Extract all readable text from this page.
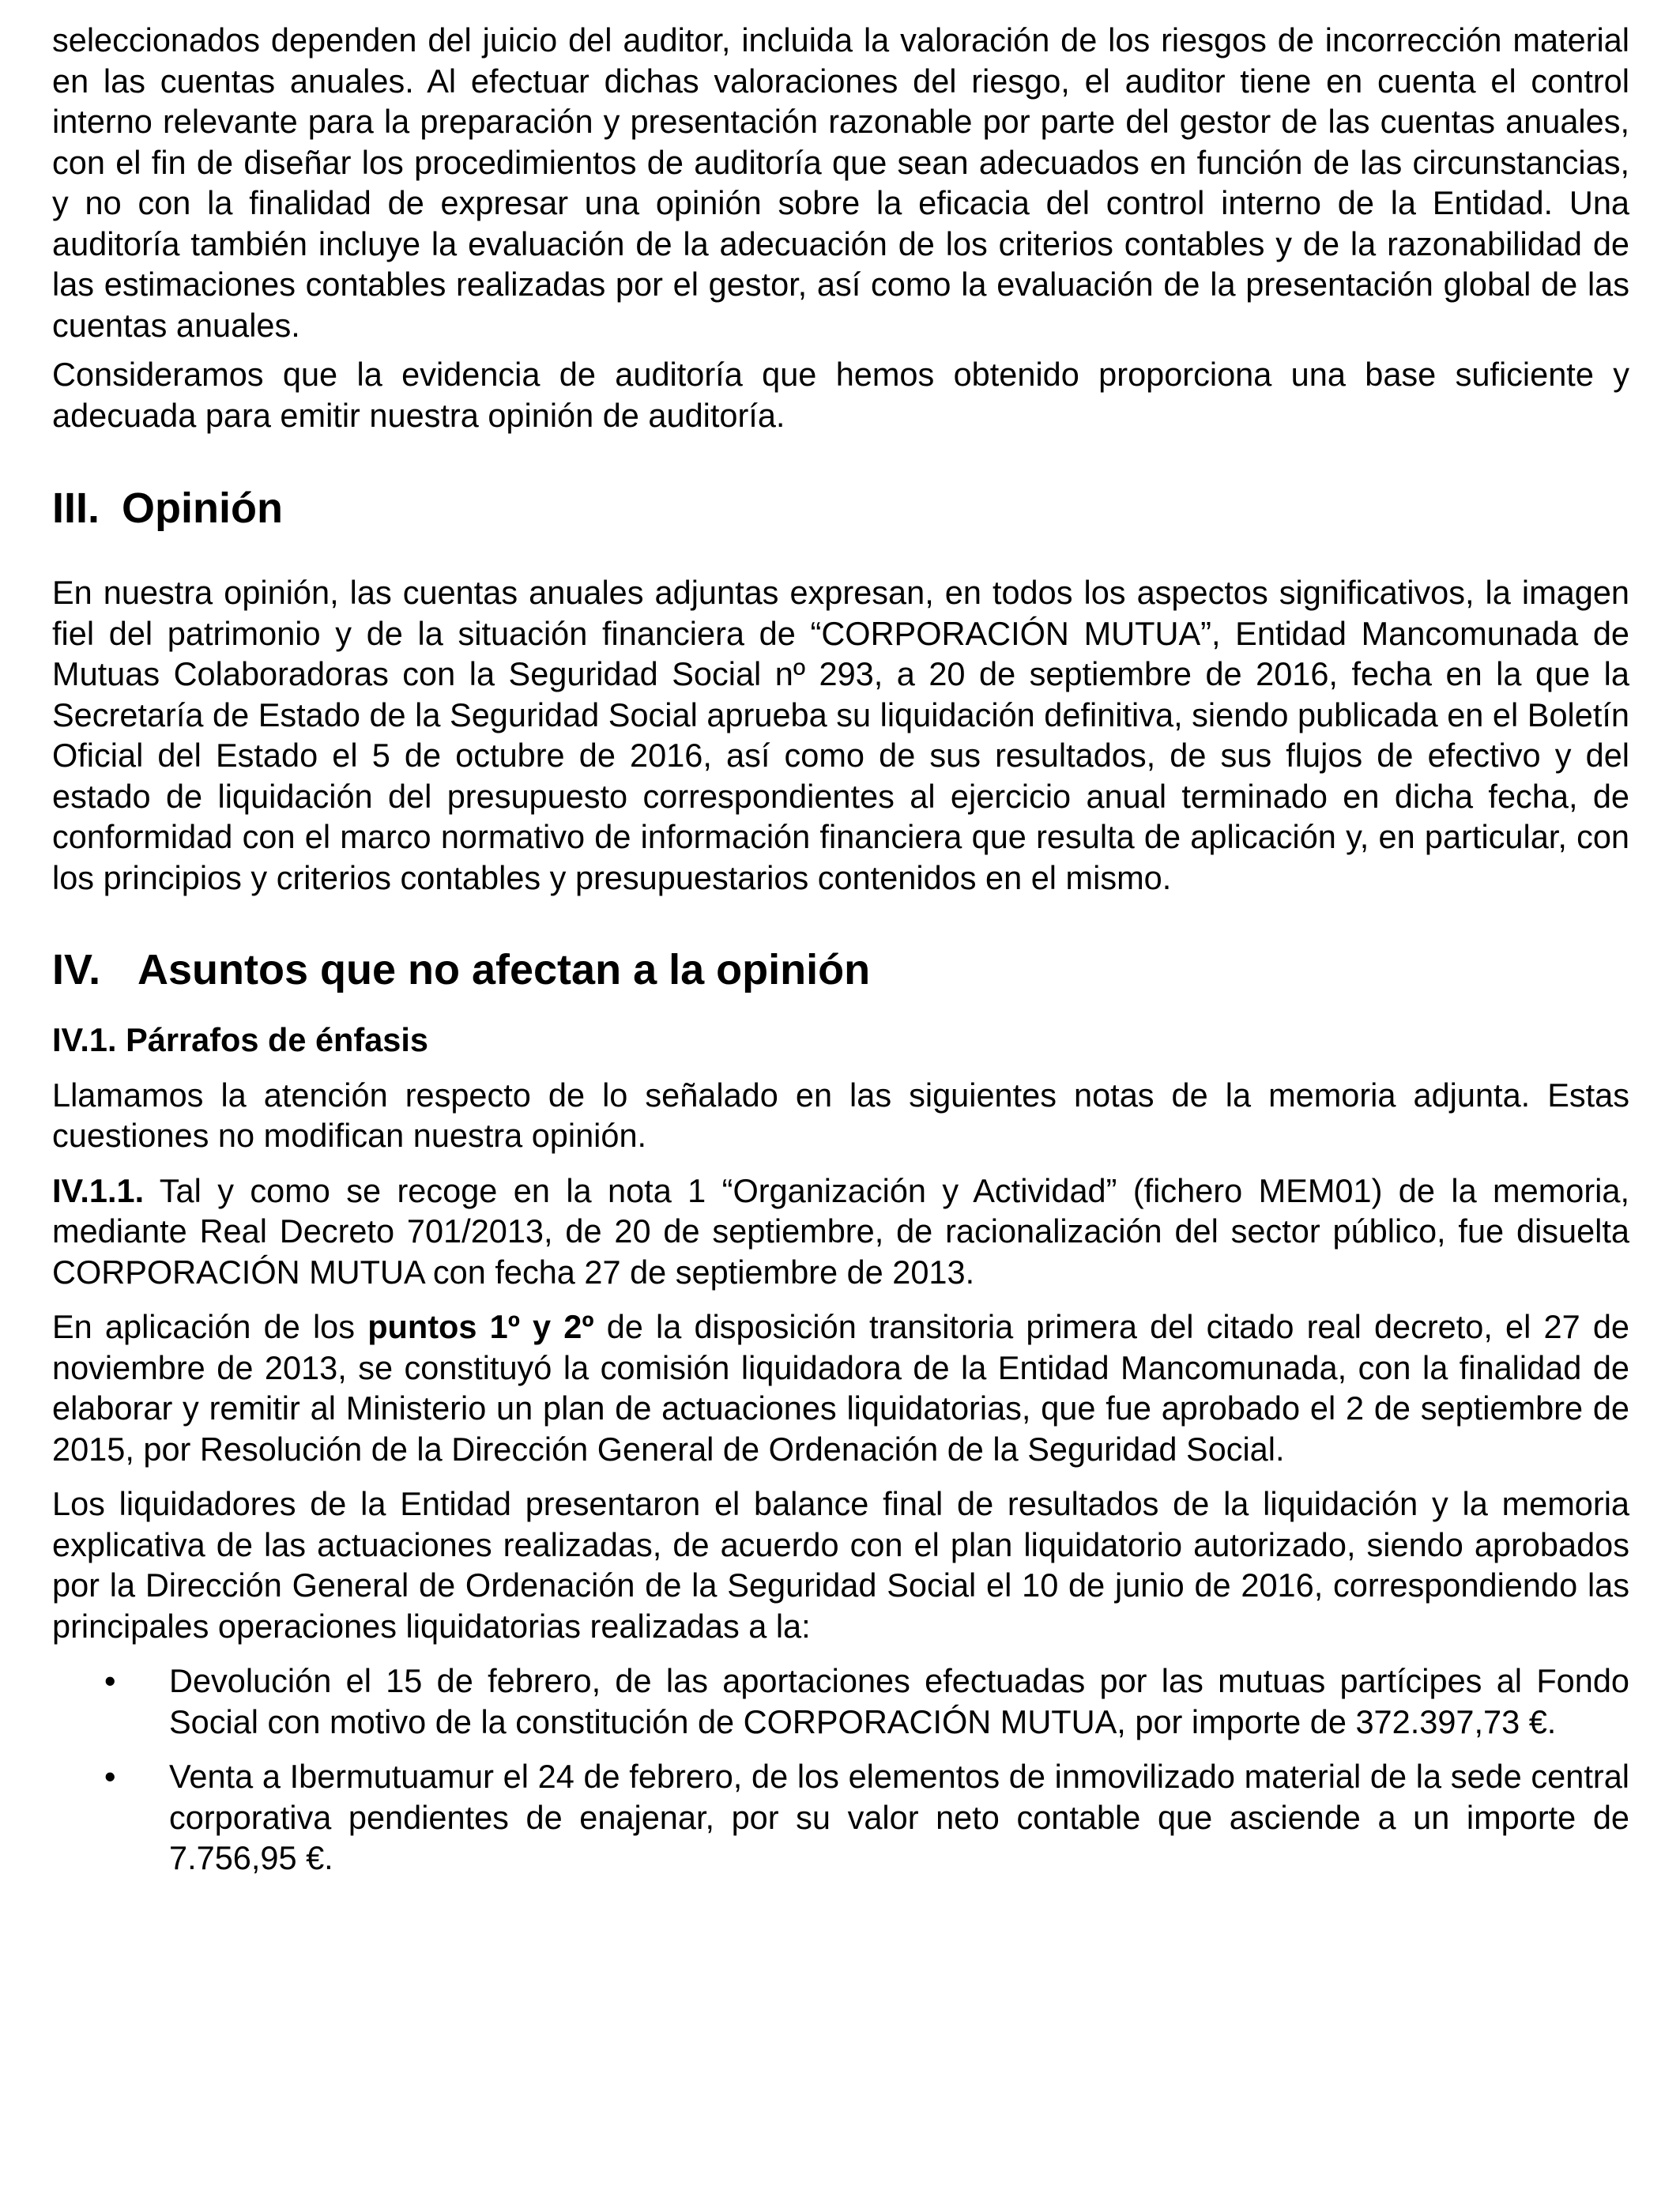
seleccionados dependen del juicio del auditor, incluida la valoración de los riesgos de incorrección material en las cuentas anuales. Al efectuar dichas valoraciones del riesgo, el auditor tiene en cuenta el control interno relevante para la preparación y presentación razonable por parte del gestor de las cuentas anuales, con el fin de diseñar los procedimientos de auditoría que sean adecuados en función de las circunstancias, y no con la finalidad de expresar una opinión sobre la eficacia del control interno de la Entidad. Una auditoría también incluye la evaluación de la adecuación de los criterios contables y de la razonabilidad de las estimaciones contables realizadas por el gestor, así como la evaluación de la presentación global de las cuentas anuales.

Consideramos que la evidencia de auditoría que hemos obtenido proporciona una base suficiente y adecuada para emitir nuestra opinión de auditoría.

III. Opinión

En nuestra opinión, las cuentas anuales adjuntas expresan, en todos los aspectos significativos, la imagen fiel del patrimonio y de la situación financiera de “CORPORACIÓN MUTUA”, Entidad Mancomunada de Mutuas Colaboradoras con la Seguridad Social nº 293, a 20 de septiembre de 2016, fecha en la que la Secretaría de Estado de la Seguridad Social aprueba su liquidación definitiva, siendo publicada en el Boletín Oficial del Estado el 5 de octubre de 2016, así como de sus resultados, de sus flujos de efectivo y del estado de liquidación del presupuesto correspondientes al ejercicio anual terminado en dicha fecha, de conformidad con el marco normativo de información financiera que resulta de aplicación y, en particular, con los principios y criterios contables y presupuestarios contenidos en el mismo.

IV. Asuntos que no afectan a la opinión
IV.1. Párrafos de énfasis

Llamamos la atención respecto de lo señalado en las siguientes notas de la memoria adjunta. Estas cuestiones no modifican nuestra opinión.

IV.1.1. Tal y como se recoge en la nota 1 “Organización y Actividad” (fichero MEM01) de la memoria, mediante Real Decreto 701/2013, de 20 de septiembre, de racionalización del sector público, fue disuelta CORPORACIÓN MUTUA con fecha 27 de septiembre de 2013.

En aplicación de los puntos 1º y 2º de la disposición transitoria primera del citado real decreto, el 27 de noviembre de 2013, se constituyó la comisión liquidadora de la Entidad Mancomunada, con la finalidad de elaborar y remitir al Ministerio un plan de actuaciones liquidatorias, que fue aprobado el 2 de septiembre de 2015, por Resolución de la Dirección General de Ordenación de la Seguridad Social.

Los liquidadores de la Entidad presentaron el balance final de resultados de la liquidación y la memoria explicativa de las actuaciones realizadas, de acuerdo con el plan liquidatorio autorizado, siendo aprobados por la Dirección General de Ordenación de la Seguridad Social el 10 de junio de 2016, correspondiendo las principales operaciones liquidatorias realizadas a la:

• Devolución el 15 de febrero, de las aportaciones efectuadas por las mutuas partícipes al Fondo Social con motivo de la constitución de CORPORACIÓN MUTUA, por importe de 372.397,73 €.
• Venta a Ibermutuamur el 24 de febrero, de los elementos de inmovilizado material de la sede central corporativa pendientes de enajenar, por su valor neto contable que asciende a un importe de 7.756,95 €.
